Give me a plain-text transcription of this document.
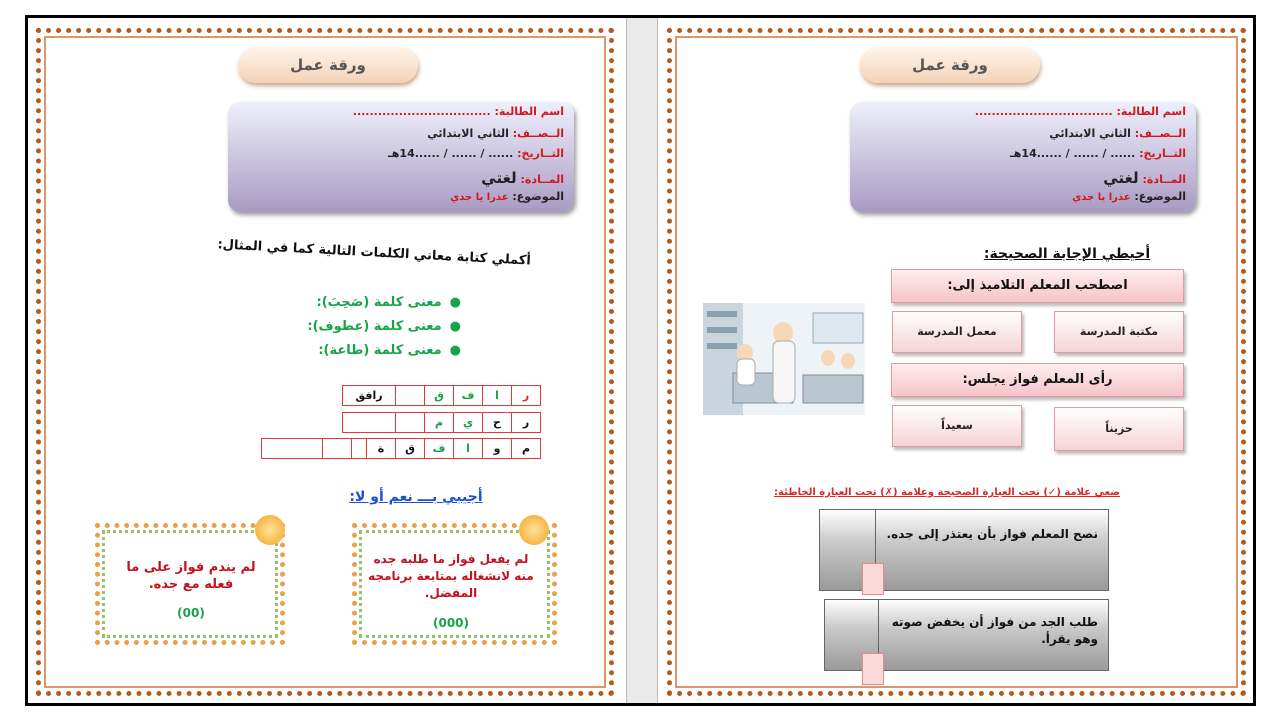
ورقة عمل
اسم الطالبة: .................................
الــصــف: الثاني الابتدائي
التــاريخ: ...... / ...... / ......14هـ
المــادة: لغتي
الموضوع: عذرا يا جدي
أكملي كتابة معاني الكلمات التالية كما في المثال:
●معنى كلمة (صَحِبَ):
●معنى كلمة (عطوف):
●معنى كلمة (طاعة):
ر	ا	ف	ق		رافق
ر	ح	ي	م		
م	و	ا	ف	ق	ة			
أجيبي بـــ نعم أو لا:
لم يفعل فواز ما طلبه جده منه لانشغاله بمتابعة برنامجه المفضل.
(000)
لم يندم فواز على ما فعله مع جده.
(00)
ورقة عمل
اسم الطالبة: .................................
الــصــف: الثاني الابتدائي
التــاريخ: ...... / ...... / ......14هـ
المــادة: لغتي
الموضوع: عذرا يا جدي
أحيطي الإجابة الصحيحة:
اصطحب المعلم التلاميذ إلى:
مكتبة المدرسة
معمل المدرسة
رأى المعلم فواز يجلس:
حزيناً
سعيداً
ضعي علامة (✓) تحت العبارة الصحيحة وعلامة (✗) تحت العبارة الخاطئة:
نصح المعلم فواز بأن يعتذر إلى جده.
طلب الجد من فواز أن يخفض صوته وهو يقرأ.
